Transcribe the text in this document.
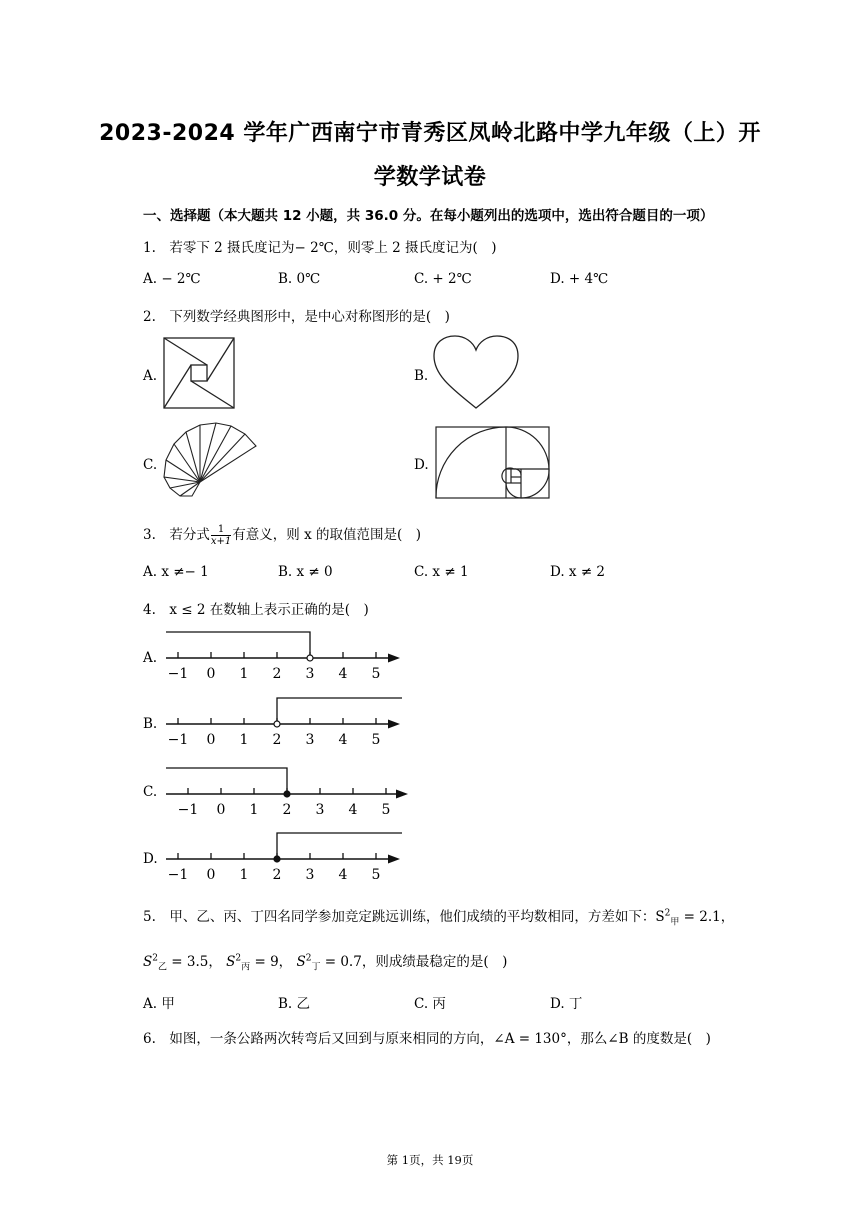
2023-2024 学年广西南宁市青秀区凤岭北路中学九年级（上）开
学数学试卷
一、选择题（本大题共 12 小题，共 36.0 分。在每小题列出的选项中，选出符合题目的一项）
1.　若零下 2 摄氏度记为− 2℃，则零上 2 摄氏度记为(　)
A. − 2℃	B. 0℃	C. + 2℃	D. + 4℃
2.　下列数学经典图形中，是中心对称图形的是(　)
A.	B.
C.	D.
3.　若分式 $\frac{1}{x+1}$ 有意义，则 x 的取值范围是(　)
A. x ≠− 1	B. x ≠ 0	C. x ≠ 1	D. x ≠ 2
4.　x ≤ 2 在数轴上表示正确的是(　)
A.
−1 0 1 2 3 4 5
B.
−1 0 1 2 3 4 5
C.
−1 0 1 2 3 4 5
D.
−1 0 1 2 3 4 5
5.　甲、乙、丙、丁四名同学参加竞定跳远训练，他们成绩的平均数相同，方差如下：$S^2_甲 = 2.1$，
$S^2_乙 = 3.5$， $S^2_丙 = 9$， $S^2_丁 = 0.7$，则成绩最稳定的是(　)
A. 甲	B. 乙	C. 丙	D. 丁
6.　如图，一条公路两次转弯后又回到与原来相同的方向，∠A = 130°，那么∠B 的度数是(　)
第 1页，共 19页
